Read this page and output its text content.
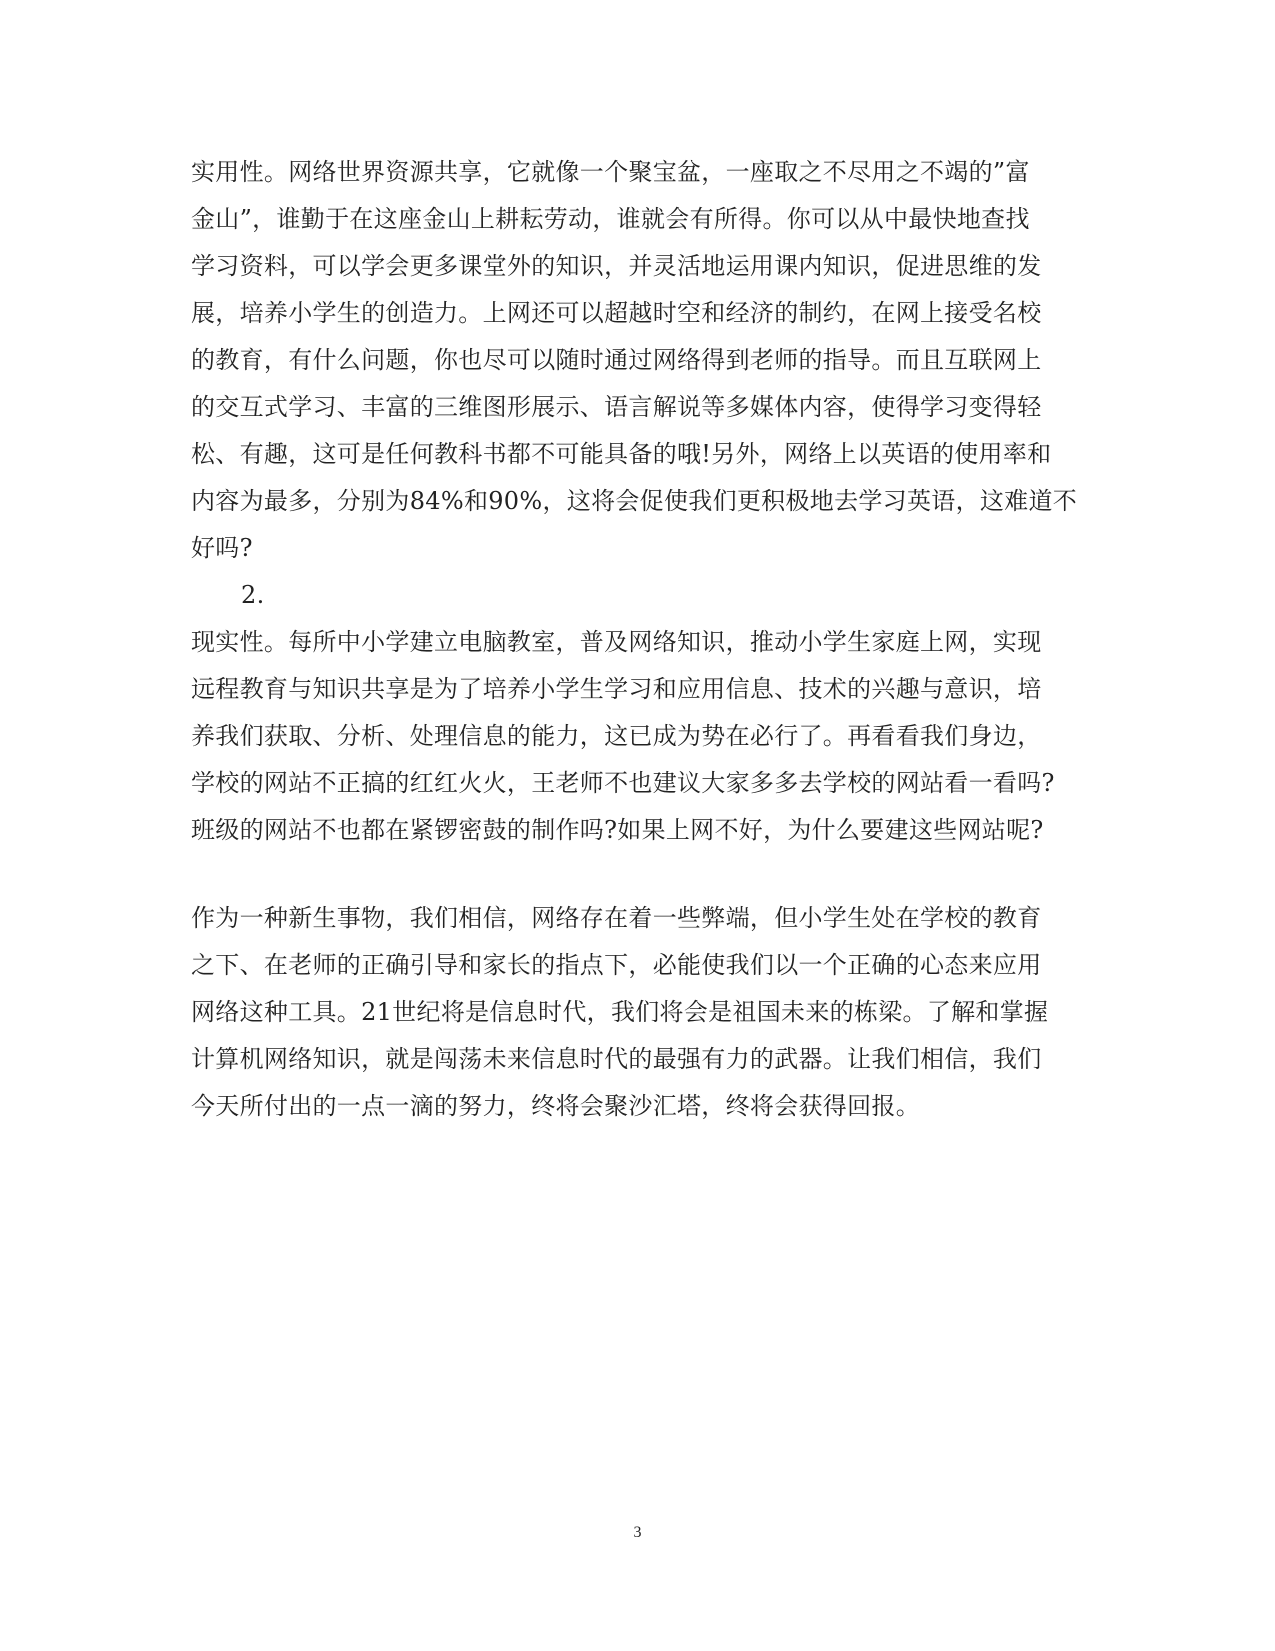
实用性。网络世界资源共享，它就像一个聚宝盆，一座取之不尽用之不竭的”富
金山”，谁勤于在这座金山上耕耘劳动，谁就会有所得。你可以从中最快地查找
学习资料，可以学会更多课堂外的知识，并灵活地运用课内知识，促进思维的发
展，培养小学生的创造力。上网还可以超越时空和经济的制约，在网上接受名校
的教育，有什么问题，你也尽可以随时通过网络得到老师的指导。而且互联网上
的交互式学习、丰富的三维图形展示、语言解说等多媒体内容，使得学习变得轻
松、有趣，这可是任何教科书都不可能具备的哦!另外，网络上以英语的使用率和
内容为最多，分别为84%和90%，这将会促使我们更积极地去学习英语，这难道不
好吗?
2.
现实性。每所中小学建立电脑教室，普及网络知识，推动小学生家庭上网，实现
远程教育与知识共享是为了培养小学生学习和应用信息、技术的兴趣与意识，培
养我们获取、分析、处理信息的能力，这已成为势在必行了。再看看我们身边，
学校的网站不正搞的红红火火，王老师不也建议大家多多去学校的网站看一看吗?
班级的网站不也都在紧锣密鼓的制作吗?如果上网不好，为什么要建这些网站呢?
作为一种新生事物，我们相信，网络存在着一些弊端，但小学生处在学校的教育
之下、在老师的正确引导和家长的指点下，必能使我们以一个正确的心态来应用
网络这种工具。21世纪将是信息时代，我们将会是祖国未来的栋梁。了解和掌握
计算机网络知识，就是闯荡未来信息时代的最强有力的武器。让我们相信，我们
今天所付出的一点一滴的努力，终将会聚沙汇塔，终将会获得回报。
3
